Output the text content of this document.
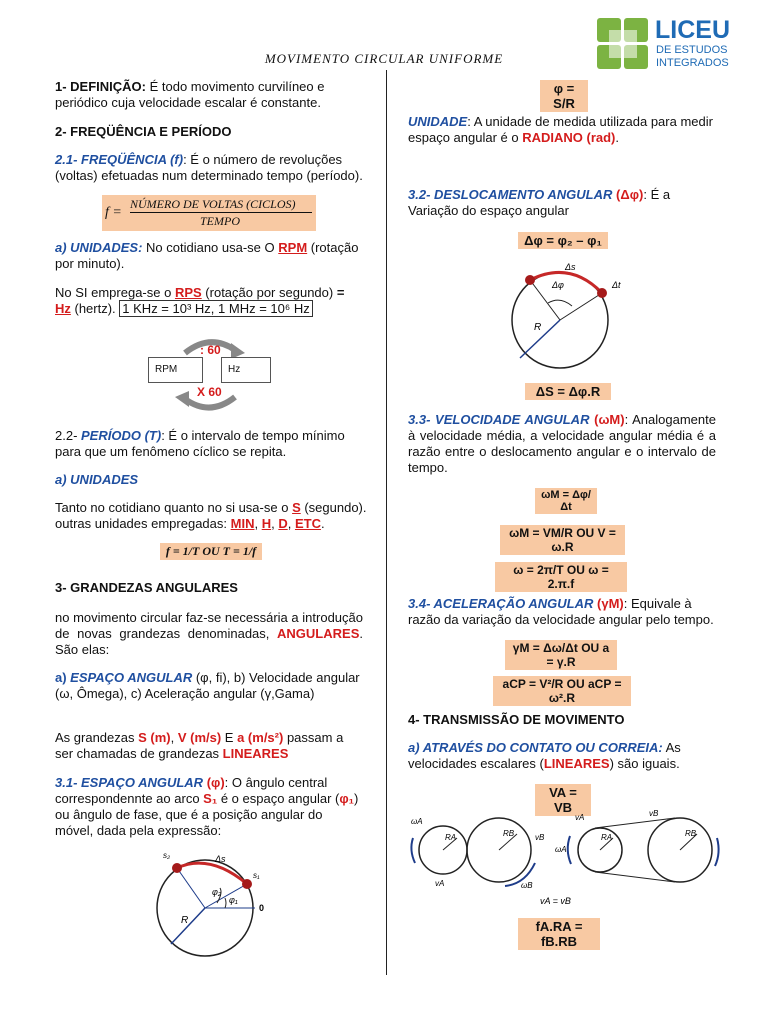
LICEU
DE ESTUDOS
INTEGRADOS
MOVIMENTO CIRCULAR UNIFORME
1- DEFINIÇÃO: É todo movimento curvilíneo e periódico cuja velocidade escalar é constante.
2- FREQÜÊNCIA E PERÍODO
2.1- FREQÜÊNCIA (f): É o número de revoluções (voltas) efetuadas num determinado tempo (período).
f =
NÚMERO DE VOLTAS (CICLOS)
TEMPO
a) UNIDADES: No cotidiano usa-se O RPM (rotação por minuto).
No SI emprega-se o RPS (rotação por segundo) =
Hz (hertz). 1 KHz = 10³ Hz, 1 MHz = 10⁶ Hz
: 60
RPM	Hz
X 60
2.2- PERÍODO (T): É o intervalo de tempo mínimo para que um fenômeno cíclico se repita.
a) UNIDADES
Tanto no cotidiano quanto no si usa-se o S (segundo).
outras unidades empregadas: MIN, H, D, ETC.
f = 1/T OU T = 1/f
3- GRANDEZAS ANGULARES
no movimento circular faz-se necessária a introdução de novas grandezas denominadas, ANGULARES. São elas:
a) ESPAÇO ANGULAR (φ, fi), b) Velocidade angular (ω, Ômega), c) Aceleração angular (γ,Gama)
As grandezas S (m), V (m/s) E a (m/s²) passam a ser chamadas de grandezas LINEARES
3.1- ESPAÇO ANGULAR (φ): O ângulo central correspondennte ao arco S₁ é o espaço angular (φ₁) ou ângulo de fase, que é a posição angular do móvel, dada pela expressão:
R
0
φ₂
φ₁
Δs
s₂
s₁
φ = S/R
UNIDADE: A unidade de medida utilizada para medir espaço angular é o RADIANO (rad).
3.2- DESLOCAMENTO ANGULAR (Δφ): É a Variação do espaço angular
Δφ = φ₂ – φ₁
Δφ
Δs
Δt
R
ΔS = Δφ.R
3.3- VELOCIDADE ANGULAR (ωM): Analogamente à velocidade média, a velocidade angular média é a razão entre o deslocamento angular e o intervalo de tempo.
ωM = Δφ/Δt
ωM = VM/R OU V = ω.R
ω = 2π/T OU ω = 2.π.f
3.4- ACELERAÇÃO ANGULAR (γM): Equivale à razão da variação da velocidade angular pelo tempo.
γM = Δω/Δt OU a = γ.R
aCP = V²/R OU aCP = ω².R
4- TRANSMISSÃO DE MOVIMENTO
a) ATRAVÉS DO CONTATO OU CORREIA: As velocidades escalares (LINEARES) são iguais.
VA = VB
ωA
ωB
vA
vB
RA	RB
ωA
vA	vB
RA	RB
vA = vB
fA.RA = fB.RB
